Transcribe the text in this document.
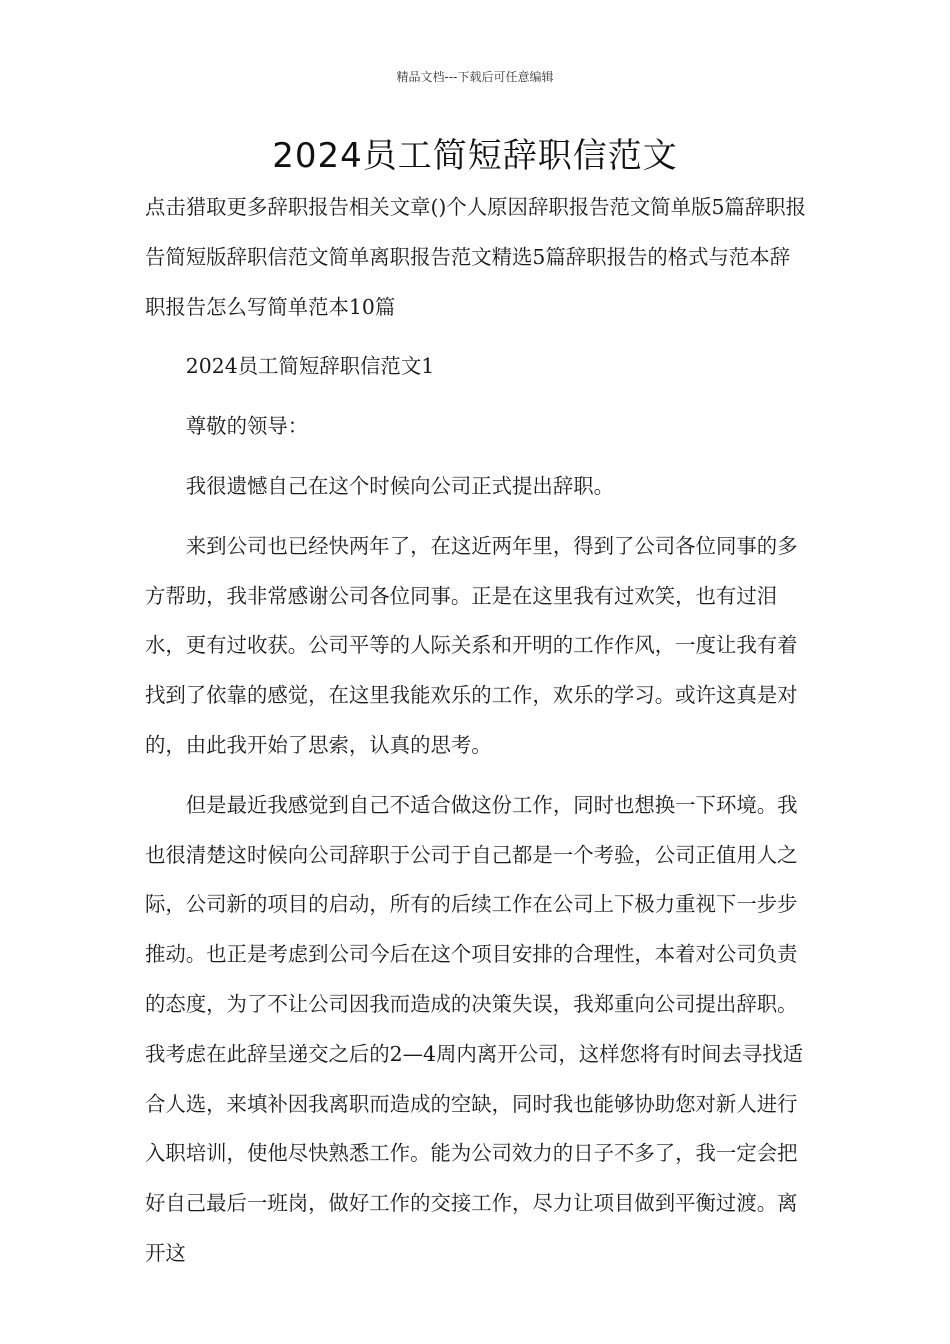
精品文档---下载后可任意编辑
2024员工简短辞职信范文

点击猎取更多辞职报告相关文章()个人原因辞职报告范文简单版5篇辞职报告简短版辞职信范文简单离职报告范文精选5篇辞职报告的格式与范本辞职报告怎么写简单范本10篇

2024员工简短辞职信范文1

尊敬的领导：

我很遗憾自己在这个时候向公司正式提出辞职。

来到公司也已经快两年了，在这近两年里，得到了公司各位同事的多方帮助，我非常感谢公司各位同事。正是在这里我有过欢笑，也有过泪水，更有过收获。公司平等的人际关系和开明的工作作风，一度让我有着找到了依靠的感觉，在这里我能欢乐的工作，欢乐的学习。或许这真是对的，由此我开始了思索，认真的思考。

但是最近我感觉到自己不适合做这份工作，同时也想换一下环境。我也很清楚这时候向公司辞职于公司于自己都是一个考验，公司正值用人之际，公司新的项目的启动，所有的后续工作在公司上下极力重视下一步步推动。也正是考虑到公司今后在这个项目安排的合理性，本着对公司负责的态度，为了不让公司因我而造成的决策失误，我郑重向公司提出辞职。我考虑在此辞呈递交之后的2—4周内离开公司，这样您将有时间去寻找适合人选，来填补因我离职而造成的空缺，同时我也能够协助您对新人进行入职培训，使他尽快熟悉工作。能为公司效力的日子不多了，我一定会把好自己最后一班岗，做好工作的交接工作，尽力让项目做到平衡过渡。离开这
